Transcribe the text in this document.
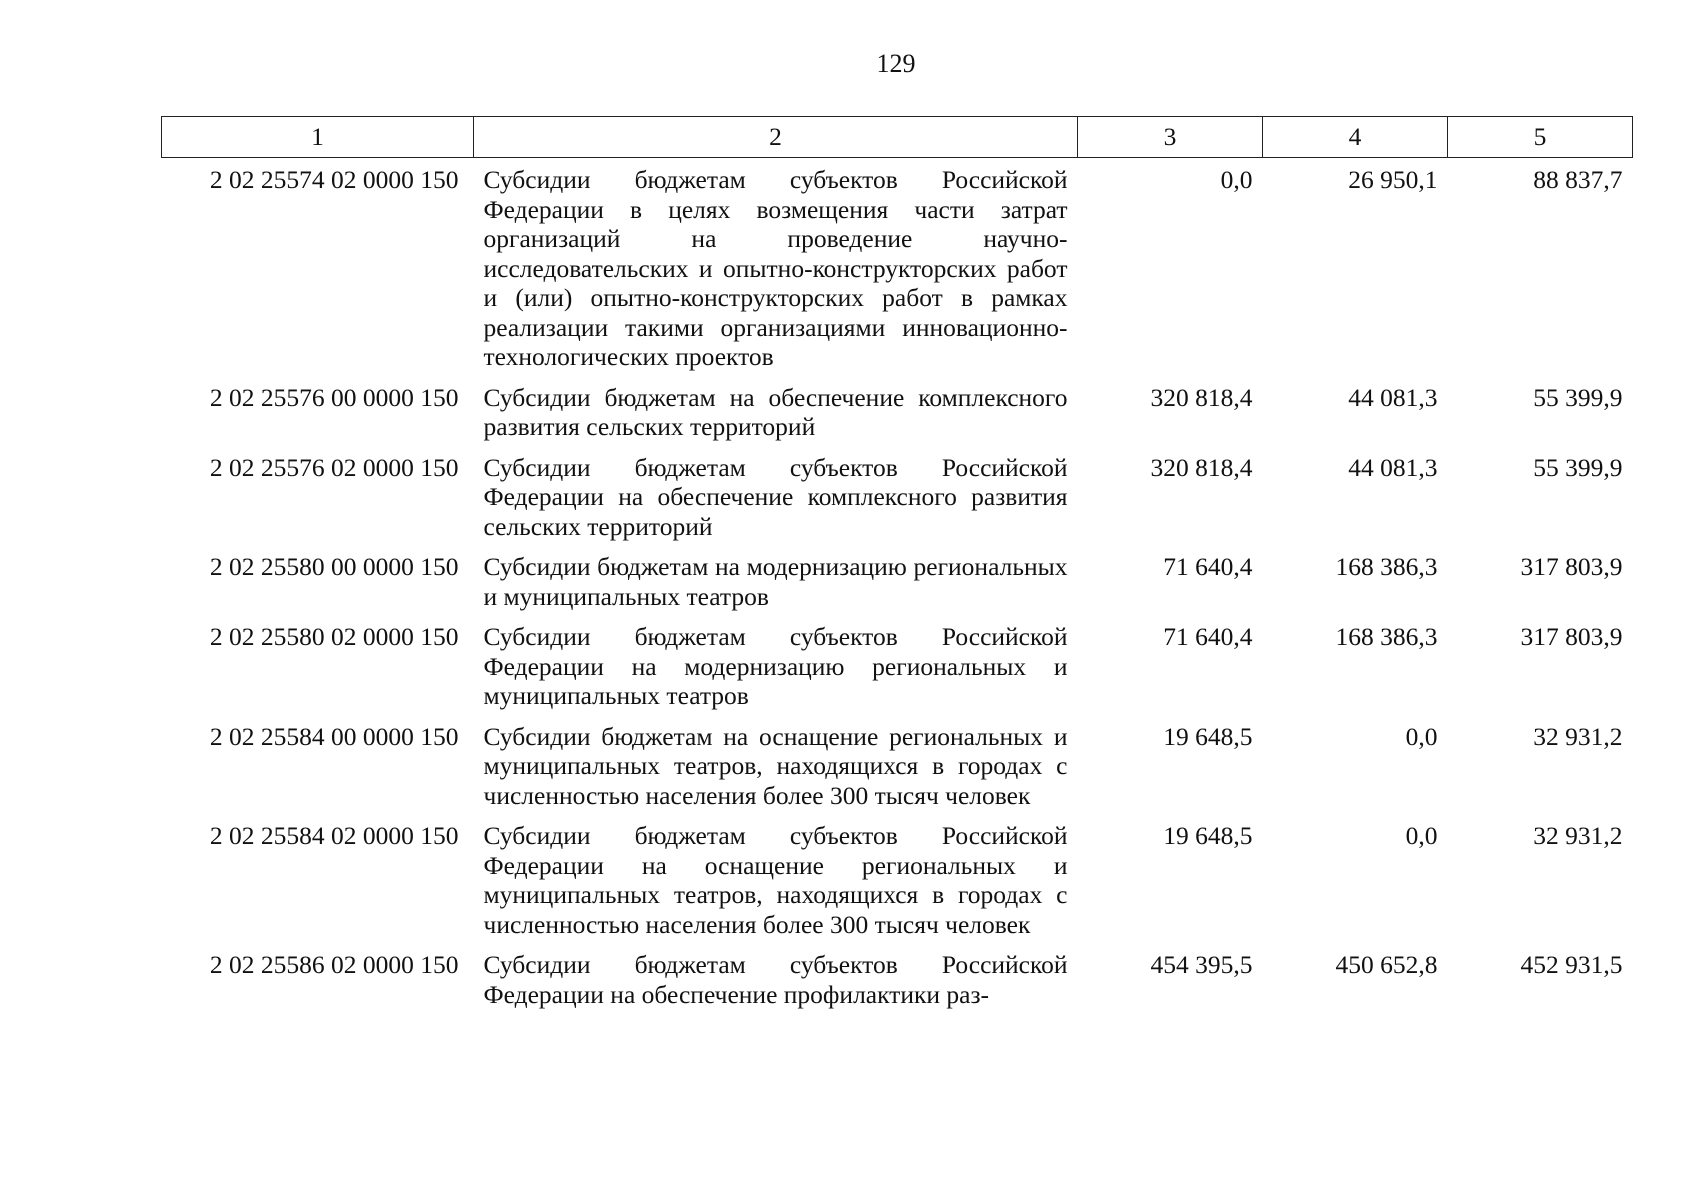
129
1	2	3	4	5
2 02 25574 02 0000 150	Субсидии бюджетам субъектов Российской Федерации в целях возмещения части затрат организаций на проведение научно-исследовательских и опытно-конструкторских работ и (или) опытно-конструкторских работ в рамках реализации такими организациями инновационно-технологических проектов	0,0	26 950,1	88 837,7
2 02 25576 00 0000 150	Субсидии бюджетам на обеспечение комплексного развития сельских территорий	320 818,4	44 081,3	55 399,9
2 02 25576 02 0000 150	Субсидии бюджетам субъектов Российской Федерации на обеспечение комплексного развития сельских территорий	320 818,4	44 081,3	55 399,9
2 02 25580 00 0000 150	Субсидии бюджетам на модернизацию региональных и муниципальных театров	71 640,4	168 386,3	317 803,9
2 02 25580 02 0000 150	Субсидии бюджетам субъектов Российской Федерации на модернизацию региональных и муниципальных театров	71 640,4	168 386,3	317 803,9
2 02 25584 00 0000 150	Субсидии бюджетам на оснащение региональных и муниципальных театров, находящихся в городах с численностью населения более 300 тысяч человек	19 648,5	0,0	32 931,2
2 02 25584 02 0000 150	Субсидии бюджетам субъектов Российской Федерации на оснащение региональных и муниципальных театров, находящихся в городах с численностью населения более 300 тысяч человек	19 648,5	0,0	32 931,2
2 02 25586 02 0000 150	Субсидии бюджетам субъектов Российской Федерации на обеспечение профилактики раз-	454 395,5	450 652,8	452 931,5
